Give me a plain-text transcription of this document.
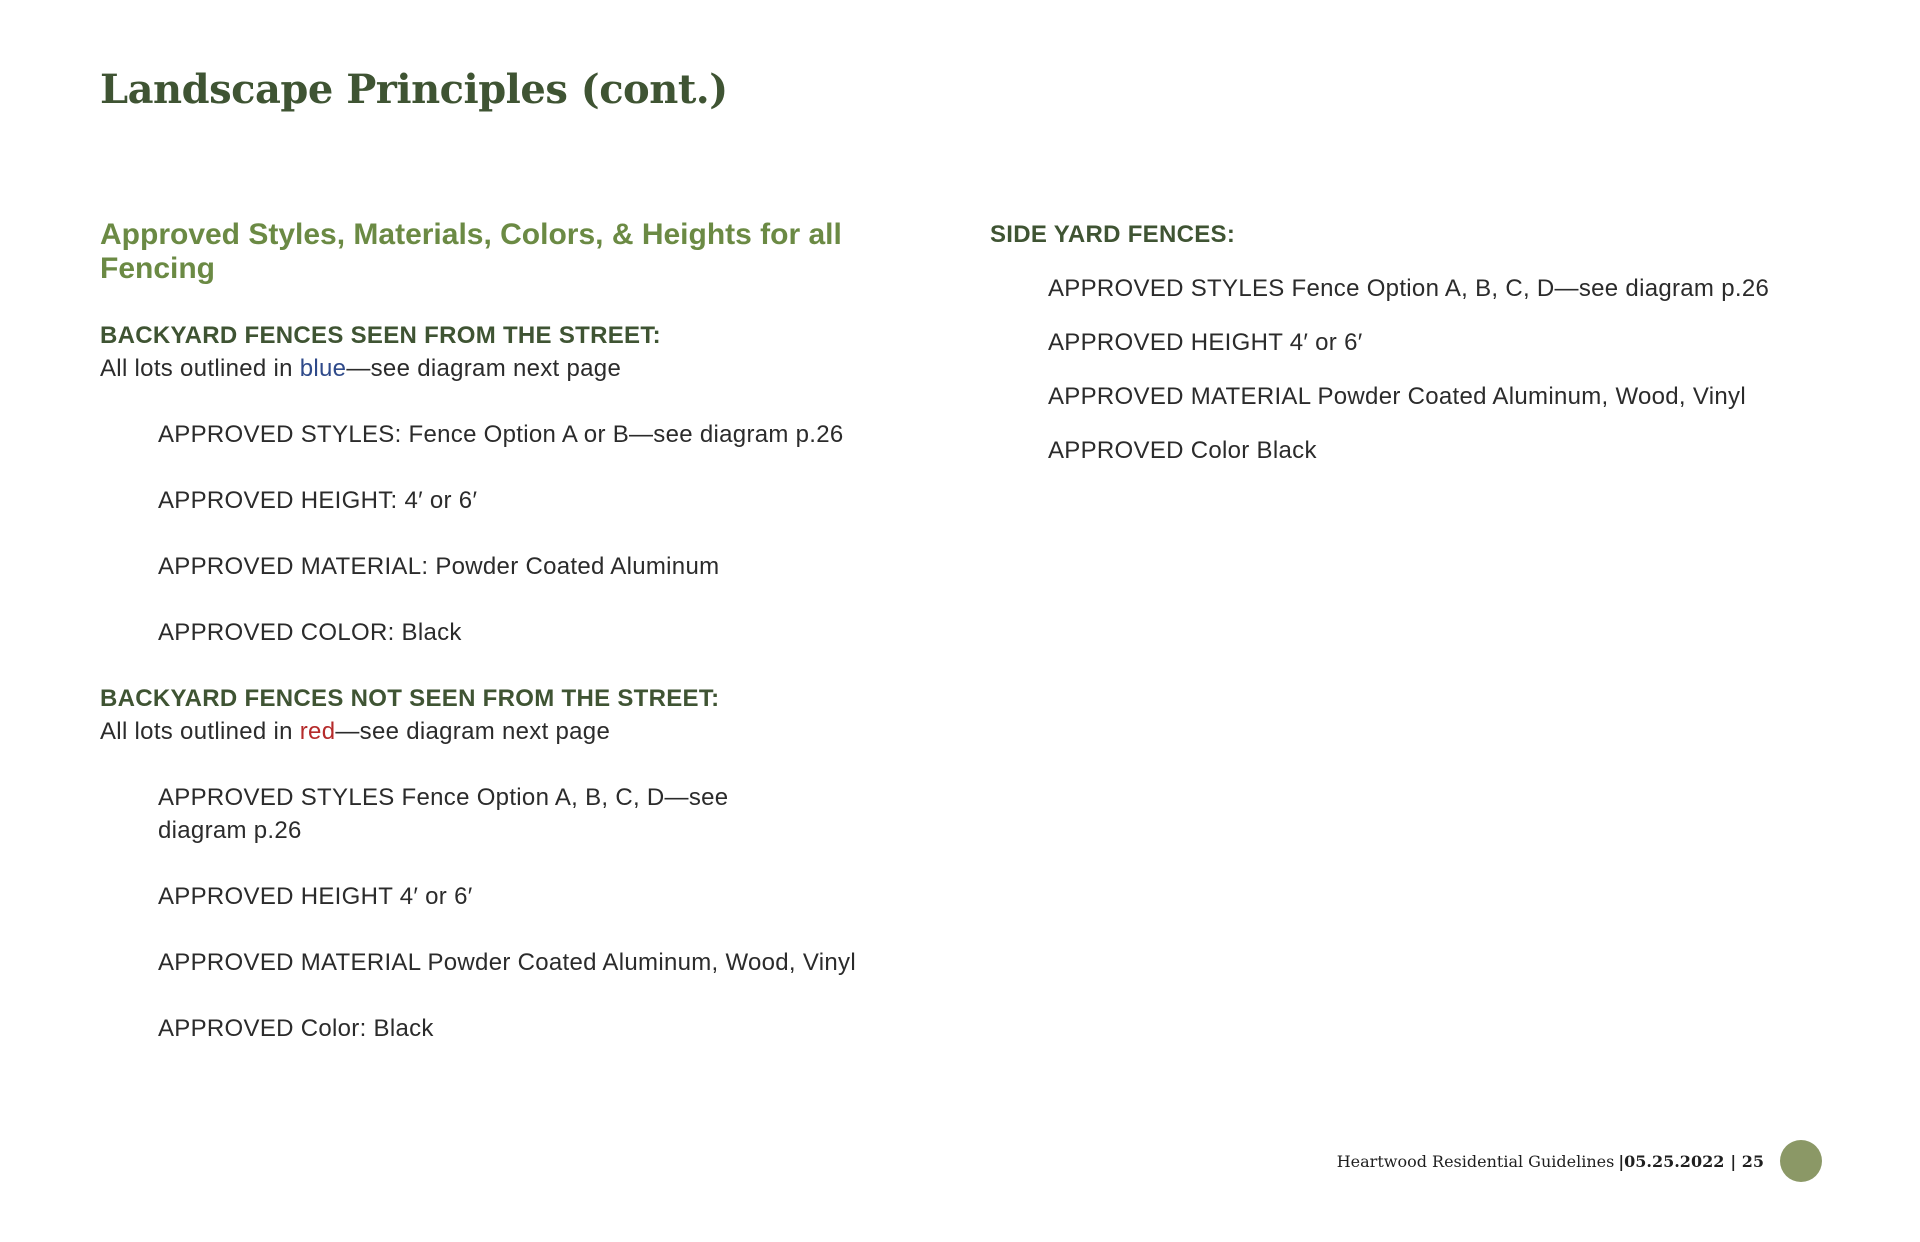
Landscape Principles (cont.)
Approved Styles, Materials, Colors, & Heights for all Fencing
BACKYARD FENCES SEEN FROM THE STREET:
All lots outlined in blue—see diagram next page
APPROVED STYLES: Fence Option A or B—see diagram p.26
APPROVED HEIGHT: 4′ or 6′
APPROVED MATERIAL: Powder Coated Aluminum
APPROVED COLOR: Black
BACKYARD FENCES NOT SEEN FROM THE STREET:
All lots outlined in red—see diagram next page
APPROVED STYLES Fence Option A, B, C, D—see diagram p.26
APPROVED HEIGHT 4′ or 6′
APPROVED MATERIAL Powder Coated Aluminum, Wood, Vinyl
APPROVED Color: Black
SIDE YARD FENCES:
APPROVED STYLES Fence Option A, B, C, D—see diagram p.26
APPROVED HEIGHT 4′ or 6′
APPROVED MATERIAL Powder Coated Aluminum, Wood, Vinyl
APPROVED Color Black
Heartwood Residential Guidelines |05.25.2022 | 25
